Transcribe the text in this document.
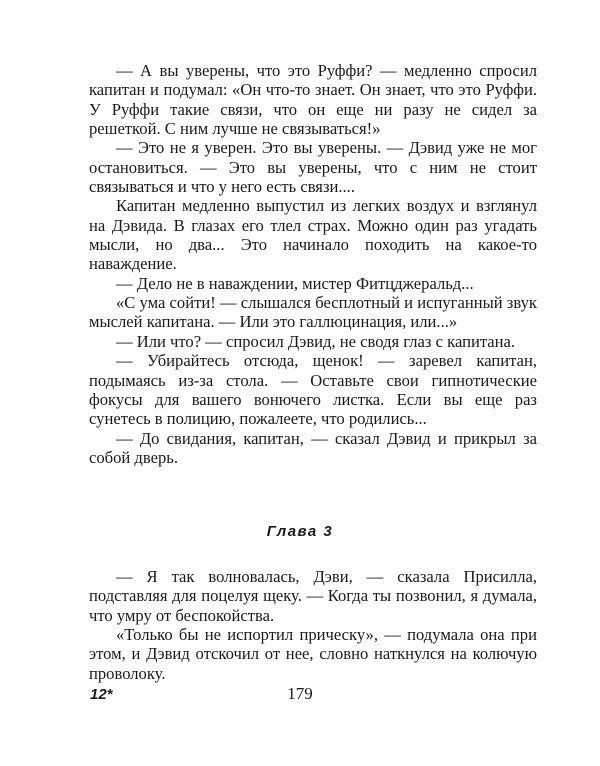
— А вы уверены, что это Руффи? — медленно спросил капитан и подумал: «Он что-то знает. Он знает, что это Руффи. У Руффи такие связи, что он еще ни разу не сидел за решеткой. С ним лучше не связываться!»

— Это не я уверен. Это вы уверены. — Дэвид уже не мог остановиться. — Это вы уверены, что с ним не стоит связываться и что у него есть связи....

Капитан медленно выпустил из легких воздух и взглянул на Дэвида. В глазах его тлел страх. Можно один раз угадать мысли, но два... Это начинало походить на какое-то наваждение.

— Дело не в наваждении, мистер Фитцджеральд...

«С ума сойти! — слышался бесплотный и испуганный звук мыслей капитана. — Или это галлюцинация, или...»

— Или что? — спросил Дэвид, не сводя глаз с капитана.

— Убирайтесь отсюда, щенок! — заревел капитан, подымаясь из-за стола. — Оставьте свои гипнотические фокусы для вашего вонючего листка. Если вы еще раз сунетесь в полицию, пожалеете, что родились...

— До свидания, капитан, — сказал Дэвид и прикрыл за собой дверь.

Глава 3

— Я так волновалась, Дэви, — сказала Присилла, подставляя для поцелуя щеку. — Когда ты позвонил, я думала, что умру от беспокойства.

«Только бы не испортил прическу», — подумала она при этом, и Дэвид отскочил от нее, словно наткнулся на колючую проволоку.

12*	179
